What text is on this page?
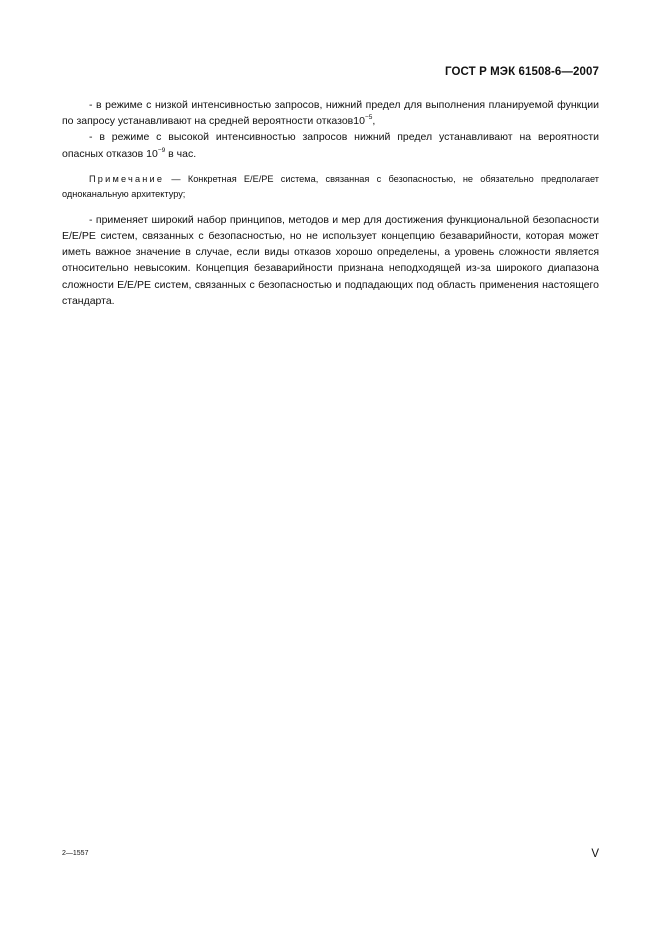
ГОСТ Р МЭК 61508-6—2007

- в режиме с низкой интенсивностью запросов, нижний предел для выполнения планируемой функции по запросу устанавливают на средней вероятности $отказов10^{-5}$,

- в режиме с высокой интенсивностью запросов нижний предел устанавливают на вероятности опасных отказов $10^{-9}$ в час.

Примечание — Конкретная Е/Е/РЕ система, связанная с безопасностью, не обязательно предполагает одноканальную архитектуру;

- применяет широкий набор принципов, методов и мер для достижения функциональной безопасности Е/Е/РЕ систем, связанных с безопасностью, но не использует концепцию безаварийности, которая может иметь важное значение в случае, если виды отказов хорошо определены, а уровень сложности является относительно невысоким. Концепция безаварийности признана неподходящей из-за широкого диапазона сложности Е/Е/РЕ систем, связанных с безопасностью и подпадающих под область применения настоящего стандарта.

2—1557	V
